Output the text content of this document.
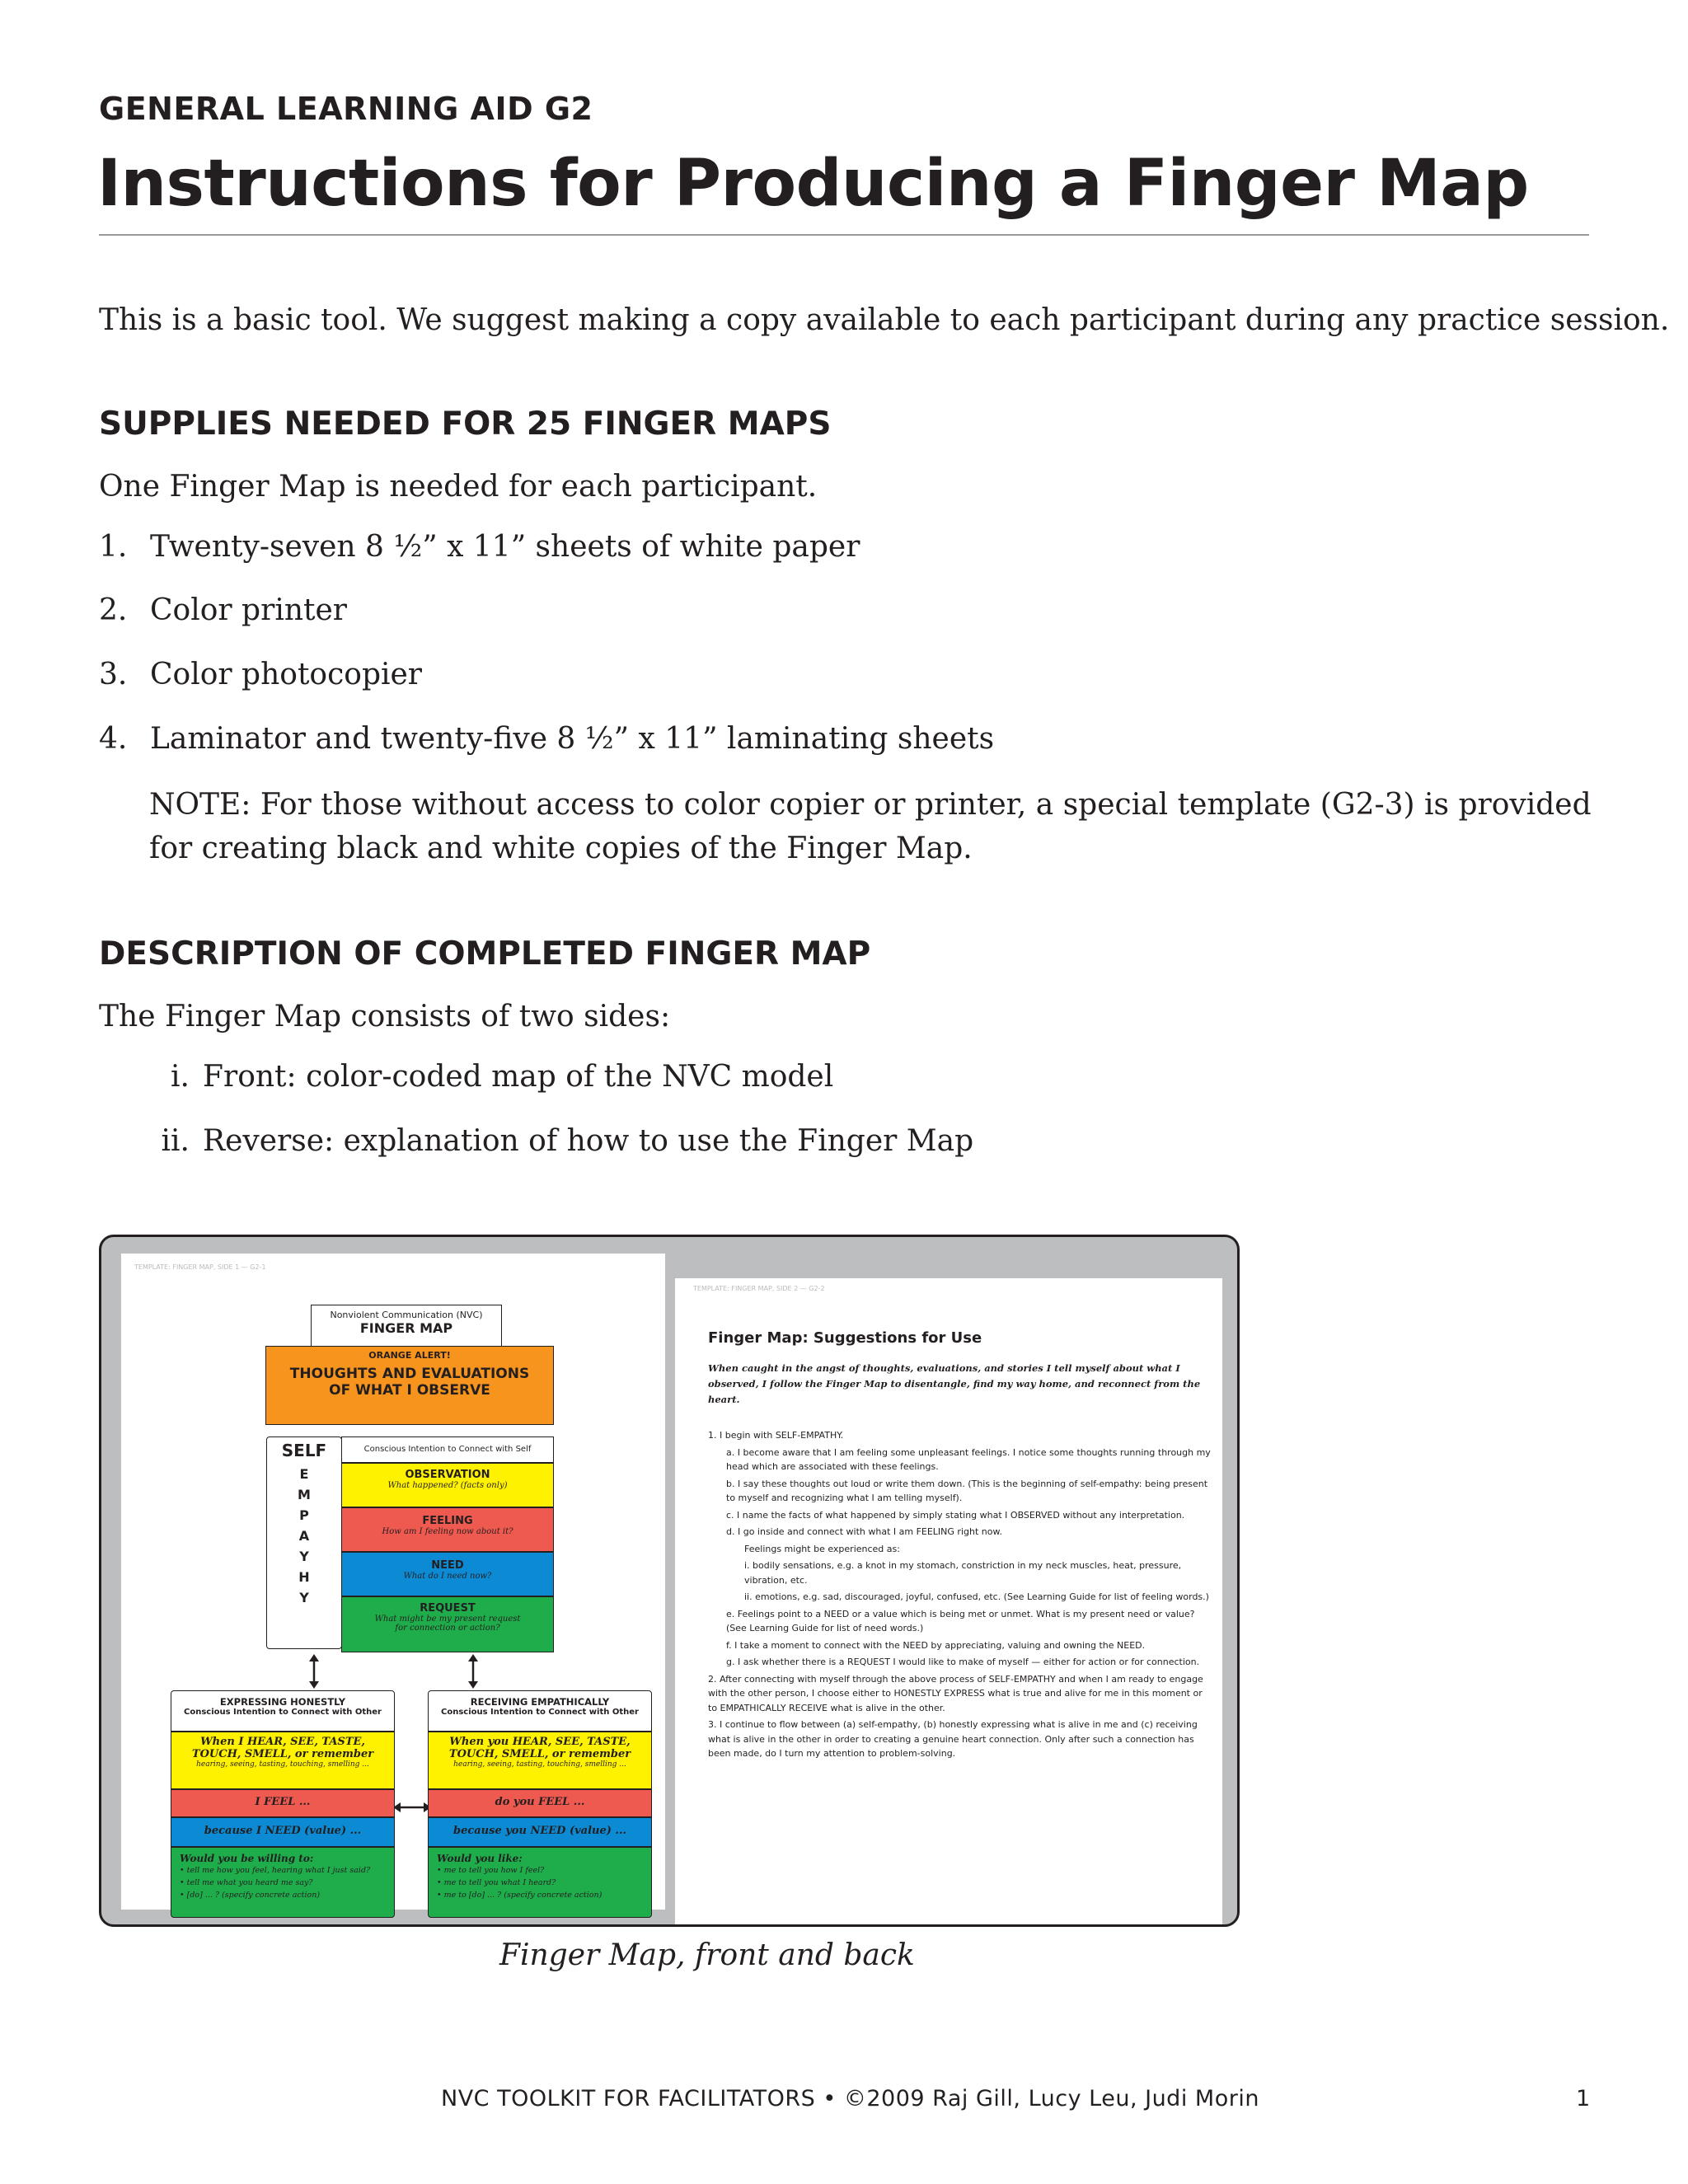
GENERAL LEARNING AID G2
Instructions for Producing a Finger Map
This is a basic tool. We suggest making a copy available to each participant during any practice session.
SUPPLIES NEEDED FOR 25 FINGER MAPS
One Finger Map is needed for each participant.
1. Twenty-seven 8 ½” x 11” sheets of white paper
2. Color printer
3. Color photocopier
4. Laminator and twenty-five 8 ½” x 11” laminating sheets
NOTE: For those without access to color copier or printer, a special template (G2-3) is provided for creating black and white copies of the Finger Map.
DESCRIPTION OF COMPLETED FINGER MAP
The Finger Map consists of two sides:
i. Front: color-coded map of the NVC model
ii. Reverse: explanation of how to use the Finger Map
TEMPLATE: FINGER MAP, SIDE 1 — G2-1
Nonviolent Communication (NVC)
FINGER MAP
ORANGE ALERT!
THOUGHTS AND EVALUATIONS
OF WHAT I OBSERVE
SELF
E
M
P
A
Y
H
Y
Conscious Intention to Connect with Self
OBSERVATION
What happened? (facts only)
FEELING
How am I feeling now about it?
NEED
What do I need now?
REQUEST
What might be my present request
for connection or action?
EXPRESSING HONESTLY
Conscious Intention to Connect with Other
When I HEAR, SEE, TASTE,
TOUCH, SMELL, or remember
hearing, seeing, tasting, touching, smelling ...
I FEEL ...
because I NEED (value) ...
Would you be willing to:
• tell me how you feel, hearing what I just said?
• tell me what you heard me say?
• [do] ... ? (specify concrete action)
RECEIVING EMPATHICALLY
Conscious Intention to Connect with Other
When you HEAR, SEE, TASTE,
TOUCH, SMELL, or remember
hearing, seeing, tasting, touching, smelling ...
do you FEEL ...
because you NEED (value) ...
Would you like:
• me to tell you how I feel?
• me to tell you what I heard?
• me to [do] ... ? (specify concrete action)
TEMPLATE: FINGER MAP, SIDE 2 — G2-2
Finger Map: Suggestions for Use
When caught in the angst of thoughts, evaluations, and stories I tell myself about what I observed, I follow the Finger Map to disentangle, find my way home, and reconnect from the heart.
1. I begin with SELF-EMPATHY.
a. I become aware that I am feeling some unpleasant feelings. I notice some thoughts running through my head which are associated with these feelings.
b. I say these thoughts out loud or write them down. (This is the beginning of self-empathy: being present to myself and recognizing what I am telling myself).
c. I name the facts of what happened by simply stating what I OBSERVED without any interpretation.
d. I go inside and connect with what I am FEELING right now.
Feelings might be experienced as:
i. bodily sensations, e.g. a knot in my stomach, constriction in my neck muscles, heat, pressure, vibration, etc.
ii. emotions, e.g. sad, discouraged, joyful, confused, etc. (See Learning Guide for list of feeling words.)
e. Feelings point to a NEED or a value which is being met or unmet. What is my present need or value? (See Learning Guide for list of need words.)
f. I take a moment to connect with the NEED by appreciating, valuing and owning the NEED.
g. I ask whether there is a REQUEST I would like to make of myself — either for action or for connection.
2. After connecting with myself through the above process of SELF-EMPATHY and when I am ready to engage with the other person, I choose either to HONESTLY EXPRESS what is true and alive for me in this moment or to EMPATHICALLY RECEIVE what is alive in the other.
3. I continue to flow between (a) self-empathy, (b) honestly expressing what is alive in me and (c) receiving what is alive in the other in order to creating a genuine heart connection. Only after such a connection has been made, do I turn my attention to problem-solving.
Finger Map, front and back
NVC TOOLKIT FOR FACILITATORS • ©2009 Raj Gill, Lucy Leu, Judi Morin	1
